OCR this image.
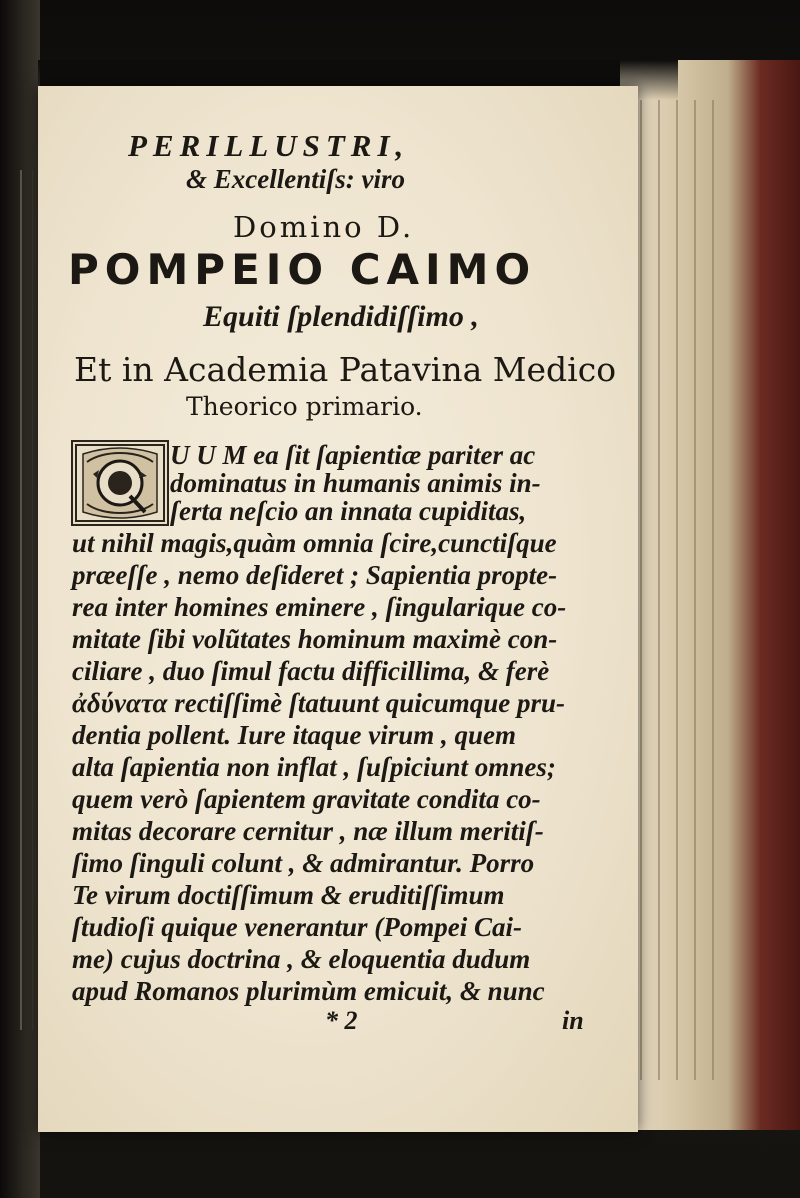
PERILLUSTRI,
& Excellentiſs: viro
Domino D.
POMPEIO CAIMO
Equiti ſplendidiſſimo ,
Et in Academia Patavina Medico
Theorico primario.
U U M ea ſit ſapientiæ pariter ac
dominatus in humanis animis in-
ſerta neſcio an innata cupiditas,
ut nihil magis,quàm omnia ſcire,cunctiſque
præeſſe , nemo deſideret ; Sapientia propte-
rea inter homines eminere , ſingularique co-
mitate ſibi volũtates hominum maximè con-
ciliare , duo ſimul factu difficillima, & ferè
ἀδύνατα rectiſſimè ſtatuunt quicumque pru-
dentia pollent. Iure itaque virum , quem
alta ſapientia non inflat , ſuſpiciunt omnes;
quem verò ſapientem gravitate condita co-
mitas decorare cernitur , næ illum meritiſ-
ſimo ſinguli colunt , & admirantur. Porro
Te virum doctiſſimum & eruditiſſimum
ſtudioſi quique venerantur (Pompei Cai-
me) cujus doctrina , & eloquentia dudum
apud Romanos plurimùm emicuit, & nunc
* 2	in
